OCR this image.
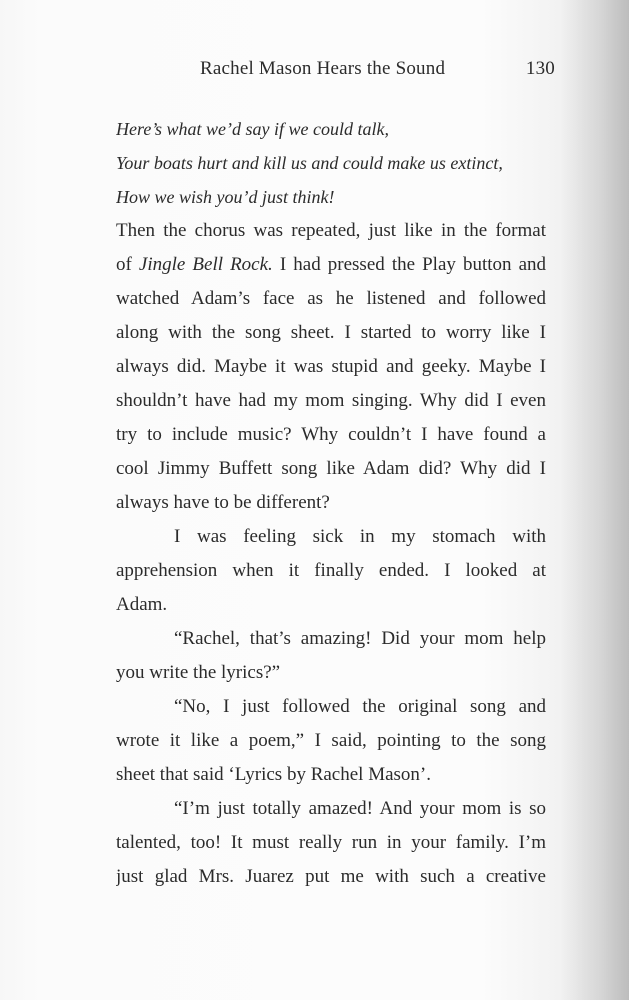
Rachel Mason Hears the Sound	130
Here’s what we’d say if we could talk,
Your boats hurt and kill us and could make us extinct,
How we wish you’d just think!
Then the chorus was repeated, just like in the format
of Jingle Bell Rock. I had pressed the Play button and
watched Adam’s face as he listened and followed
along with the song sheet. I started to worry like I
always did. Maybe it was stupid and geeky. Maybe I
shouldn’t have had my mom singing. Why did I even
try to include music? Why couldn’t I have found a
cool Jimmy Buffett song like Adam did? Why did I
always have to be different?
I was feeling sick in my stomach with
apprehension when it finally ended. I looked at
Adam.
“Rachel, that’s amazing! Did your mom help
you write the lyrics?”
“No, I just followed the original song and
wrote it like a poem,” I said, pointing to the song
sheet that said ‘Lyrics by Rachel Mason’.
“I’m just totally amazed! And your mom is so
talented, too! It must really run in your family. I’m
just glad Mrs. Juarez put me with such a creative
